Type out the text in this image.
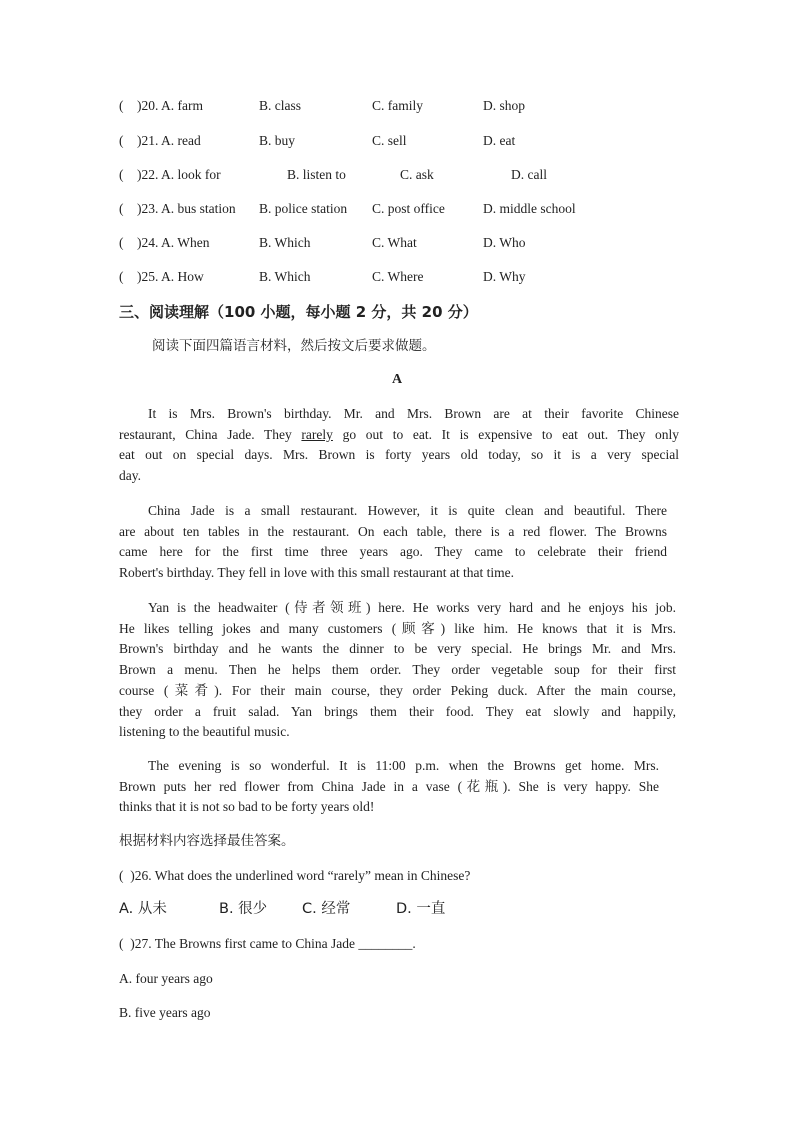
(    )20. A. farm	B. class	C. family	D. shop
(    )21. A. read	B. buy	C. sell	D. eat
(    )22. A. look for	B. listen to	C. ask	D. call
(    )23. A. bus station B. police station C. post office	D. middle school
(    )24. A. When	B. Which	C. What	D. Who
(    )25. A. How	B. Which	C. Where	D. Why
三、阅读理解（100 小题，每小题 2 分，共 20 分）
阅读下面四篇语言材料，然后按文后要求做题。
A
It is Mrs. Brown's birthday. Mr. and Mrs. Brown are at their favorite Chinese
restaurant, China Jade. They rarely go out to eat. It is expensive to eat out. They only
eat out on special days. Mrs. Brown is forty years old today, so it is a very special
day.
China Jade is a small restaurant. However, it is quite clean and beautiful. There
are about ten tables in the restaurant. On each table, there is a red flower. The Browns
came here for the first time three years ago. They came to celebrate their friend
Robert's birthday. They fell in love with this small restaurant at that time.
Yan is the headwaiter (侍者领班) here. He works very hard and he enjoys his job.
He likes telling jokes and many customers (顾客) like him. He knows that it is Mrs.
Brown's birthday and he wants the dinner to be very special. He brings Mr. and Mrs.
Brown a menu. Then he helps them order. They order vegetable soup for their first
course (菜肴). For their main course, they order Peking duck. After the main course,
they order a fruit salad. Yan brings them their food. They eat slowly and happily,
listening to the beautiful music.
The evening is so wonderful. It is 11:00 p.m. when the Browns get home. Mrs.
Brown puts her red flower from China Jade in a vase (花瓶). She is very happy. She
thinks that it is not so bad to be forty years old!
根据材料内容选择最佳答案。
(  )26. What does the underlined word “rarely” mean in Chinese?
A. 从未	B. 很少 C. 经常	D. 一直
(  )27. The Browns first came to China Jade ________.
A. four years ago
B. five years ago
